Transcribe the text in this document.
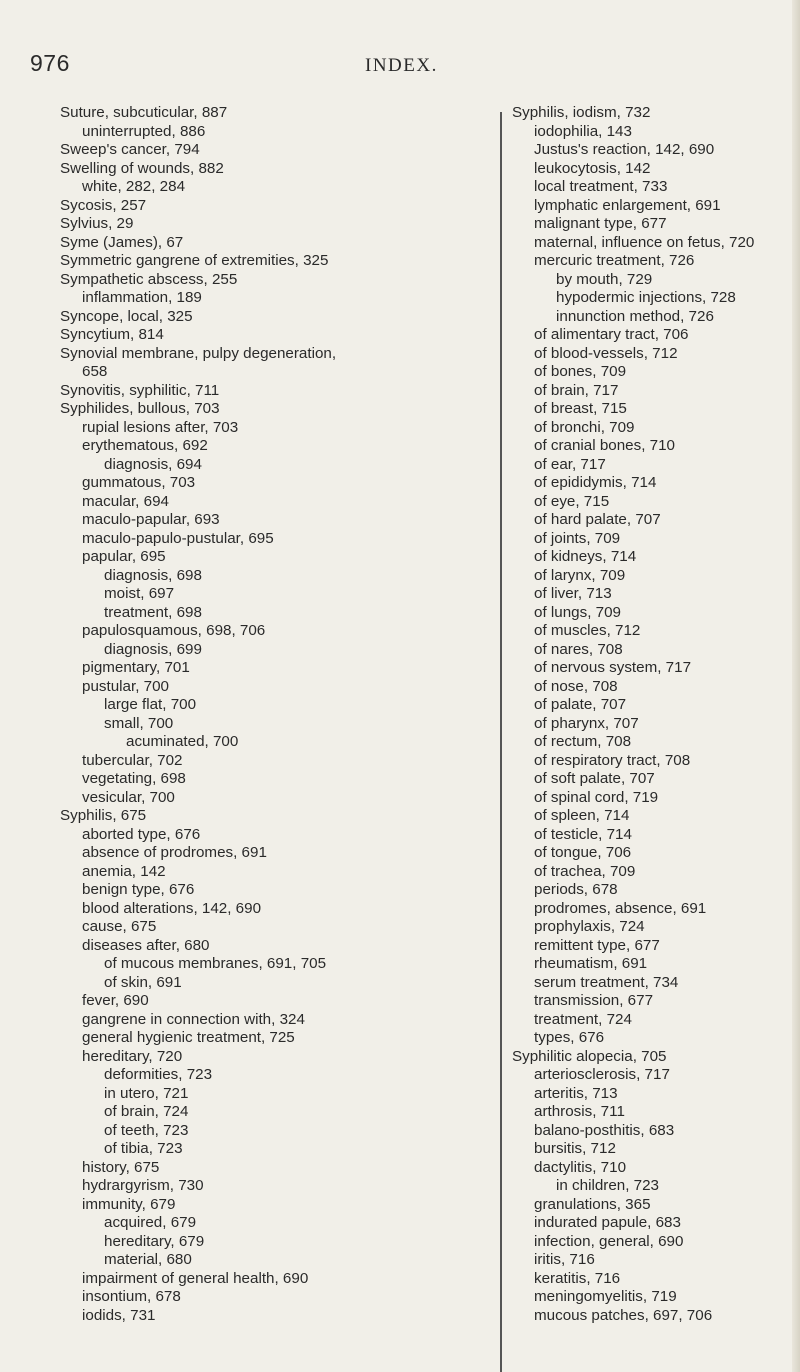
976	INDEX.
Suture, subcuticular, 887
uninterrupted, 886
Sweep's cancer, 794
Swelling of wounds, 882
white, 282, 284
Sycosis, 257
Sylvius, 29
Syme (James), 67
Symmetric gangrene of extremities, 325
Sympathetic abscess, 255
inflammation, 189
Syncope, local, 325
Syncytium, 814
Synovial membrane, pulpy degeneration,
658
Synovitis, syphilitic, 711
Syphilides, bullous, 703
rupial lesions after, 703
erythematous, 692
diagnosis, 694
gummatous, 703
macular, 694
maculo-papular, 693
maculo-papulo-pustular, 695
papular, 695
diagnosis, 698
moist, 697
treatment, 698
papulosquamous, 698, 706
diagnosis, 699
pigmentary, 701
pustular, 700
large flat, 700
small, 700
acuminated, 700
tubercular, 702
vegetating, 698
vesicular, 700
Syphilis, 675
aborted type, 676
absence of prodromes, 691
anemia, 142
benign type, 676
blood alterations, 142, 690
cause, 675
diseases after, 680
of mucous membranes, 691, 705
of skin, 691
fever, 690
gangrene in connection with, 324
general hygienic treatment, 725
hereditary, 720
deformities, 723
in utero, 721
of brain, 724
of teeth, 723
of tibia, 723
history, 675
hydrargyrism, 730
immunity, 679
acquired, 679
hereditary, 679
material, 680
impairment of general health, 690
insontium, 678
iodids, 731
Syphilis, iodism, 732
iodophilia, 143
Justus's reaction, 142, 690
leukocytosis, 142
local treatment, 733
lymphatic enlargement, 691
malignant type, 677
maternal, influence on fetus, 720
mercuric treatment, 726
by mouth, 729
hypodermic injections, 728
innunction method, 726
of alimentary tract, 706
of blood-vessels, 712
of bones, 709
of brain, 717
of breast, 715
of bronchi, 709
of cranial bones, 710
of ear, 717
of epididymis, 714
of eye, 715
of hard palate, 707
of joints, 709
of kidneys, 714
of larynx, 709
of liver, 713
of lungs, 709
of muscles, 712
of nares, 708
of nervous system, 717
of nose, 708
of palate, 707
of pharynx, 707
of rectum, 708
of respiratory tract, 708
of soft palate, 707
of spinal cord, 719
of spleen, 714
of testicle, 714
of tongue, 706
of trachea, 709
periods, 678
prodromes, absence, 691
prophylaxis, 724
remittent type, 677
rheumatism, 691
serum treatment, 734
transmission, 677
treatment, 724
types, 676
Syphilitic alopecia, 705
arteriosclerosis, 717
arteritis, 713
arthrosis, 711
balano-posthitis, 683
bursitis, 712
dactylitis, 710
in children, 723
granulations, 365
indurated papule, 683
infection, general, 690
iritis, 716
keratitis, 716
meningomyelitis, 719
mucous patches, 697, 706
